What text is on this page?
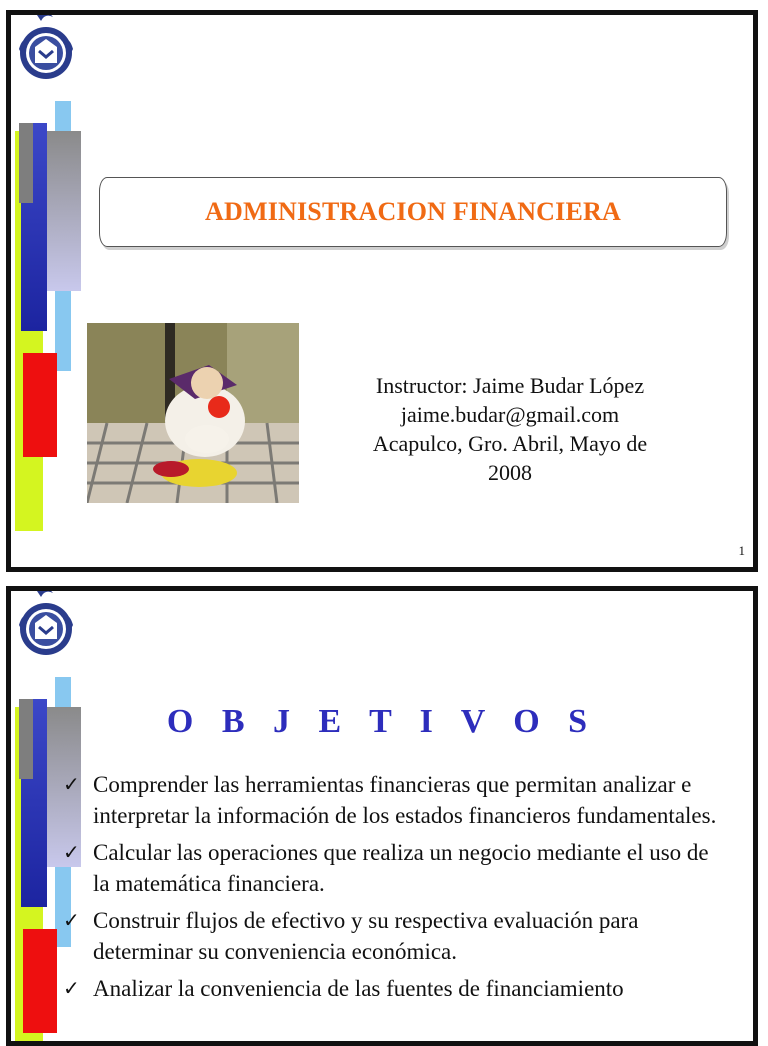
ADMINISTRACION FINANCIERA
Instructor: Jaime Budar López
jaime.budar@gmail.com
Acapulco, Gro. Abril, Mayo de
2008
1
O B J E T I V O S
✓ Comprender las herramientas financieras que permitan analizar e interpretar la información de los estados financieros fundamentales.
✓ Calcular las operaciones que realiza un negocio mediante el uso de la matemática financiera.
✓ Construir flujos de efectivo y su respectiva evaluación para determinar su conveniencia económica.
✓ Analizar la conveniencia de las fuentes de financiamiento
